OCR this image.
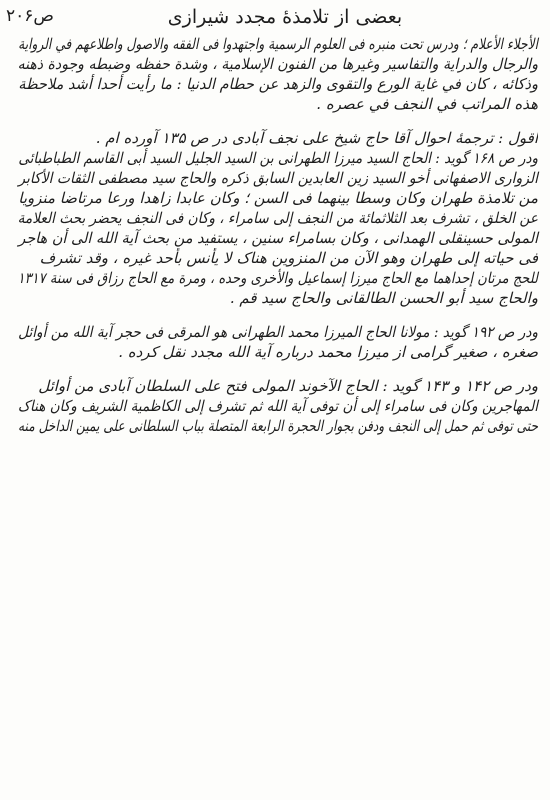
ص۲۰۶	بعضی از تلامذهٔ مجدد شیرازی
الأجلاء الأعلام ؛ ودرس تحت منبره فی العلوم الرسمیة واجتهدوا فی الفقه والاصول واطلاعهم في الرواية
والرجال والدراية والتفاسير وغيرها من الفنون الإسلامية ، وشدة حفظه وضبطه وجودة ذهنه
وذكائه ، كان في غاية الورع والتقوى والزهد عن حطام الدنيا : ما رأيت أحدا أشد ملاحظة
هذه المراتب في النجف في عصره .
اقول : ترجمهٔ احوال آقا حاج شیخ علی نجف آبادی در ص ۱۳۵ آورده ام .
ودر ص ۱۶۸ گوید : الحاج السید میرزا الطهرانی بن السید الجلیل السید أبی القاسم الطباطبائی
الزواری الاصفهانی أخو السید زین العابدین السابق ذکره والحاج سید مصطفی الثقات الأکابر
من تلامذة طهران وکان وسطا بینهما فی السن ؛ وکان عابدا زاهدا ورعا مرتاضا منزویا
عن الخلق ، تشرف بعد الثلاثمائة من النجف إلی سامراء ، وکان فی النجف یحضر بحث العلامة
المولی حسینقلی الهمدانی ، وکان بسامراء سنین ، یستفید من بحث آیة الله الی أن هاجر
فی حیاته إلی طهران وهو الآن من المنزوین هناک لا یأنس بأحد غیره ، وقد تشرف
للحج مرتان إحداهما مع الحاج میرزا إسماعیل والأخری وحده ، ومرة مع الحاج رزاق فی سنة ۱۳۱۷
والحاج سید أبو الحسن الطالقانی والحاج سید قم .
ودر ص ۱۹۲ گوید : مولانا الحاج المیرزا محمد الطهرانی هو المرقی فی حجر آیة الله من أوائل
صغره ، صغیر گرامی از میرزا محمد درباره آیة الله مجدد نقل کرده .
ودر ص ۱۴۲ و ۱۴۳ گوید : الحاج الآخوند المولی فتح علی السلطان آبادی من أوائل
المهاجرین وکان فی سامراء إلی أن توفی آیة الله ثم تشرف إلی الکاظمیة الشریف وکان هناک
حتی توفی ثم حمل إلی النجف ودفن بجوار الحجرة الرابعة المتصلة بباب السلطانی علی یمین الداخل منه
